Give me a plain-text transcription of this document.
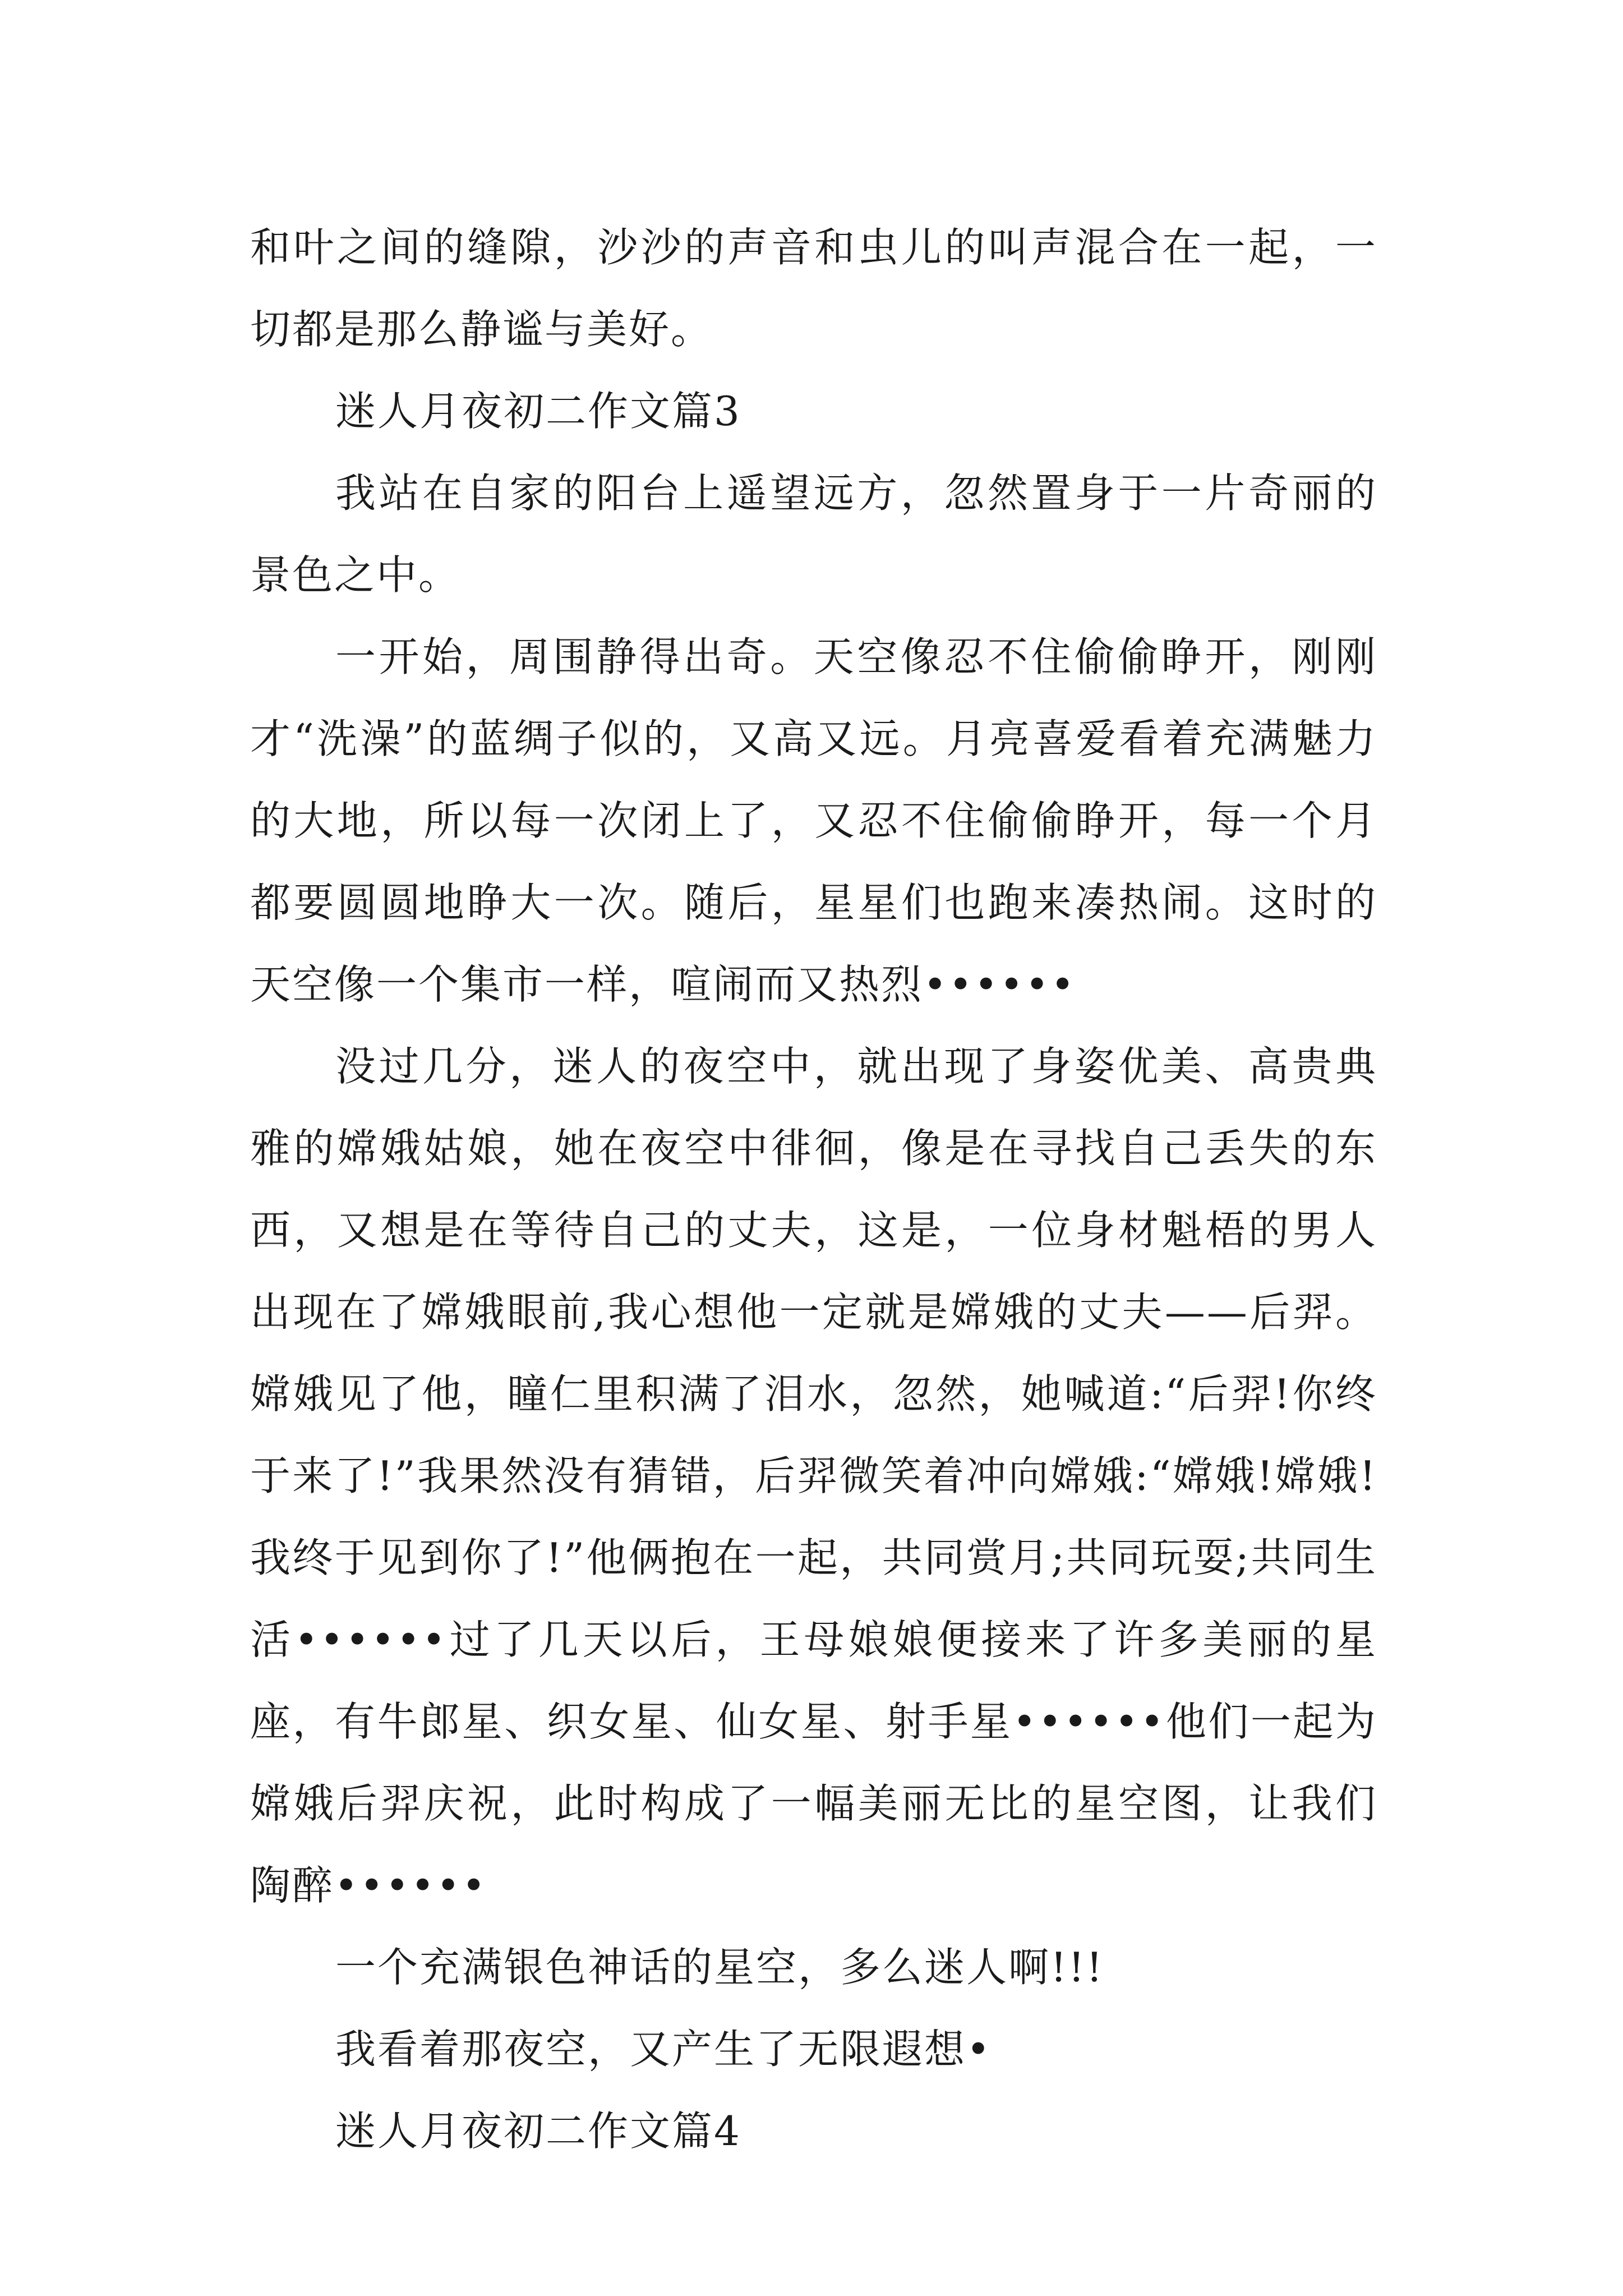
和叶之间的缝隙，沙沙的声音和虫儿的叫声混合在一起，一切都是那么静谧与美好。

迷人月夜初二作文篇3

我站在自家的阳台上遥望远方，忽然置身于一片奇丽的景色之中。

一开始，周围静得出奇。天空像忍不住偷偷睁开，刚刚才“洗澡”的蓝绸子似的，又高又远。月亮喜爱看着充满魅力的大地，所以每一次闭上了，又忍不住偷偷睁开，每一个月都要圆圆地睁大一次。随后，星星们也跑来凑热闹。这时的天空像一个集市一样，喧闹而又热烈••••••

没过几分，迷人的夜空中，就出现了身姿优美、高贵典雅的嫦娥姑娘，她在夜空中徘徊，像是在寻找自己丢失的东西，又想是在等待自己的丈夫，这是，一位身材魁梧的男人出现在了嫦娥眼前,我心想他一定就是嫦娥的丈夫——后羿。嫦娥见了他，瞳仁里积满了泪水，忽然，她喊道:“后羿!你终于来了!”我果然没有猜错，后羿微笑着冲向嫦娥:“嫦娥!嫦娥!我终于见到你了!”他俩抱在一起，共同赏月;共同玩耍;共同生活••••••过了几天以后，王母娘娘便接来了许多美丽的星座，有牛郎星、织女星、仙女星、射手星••••••他们一起为嫦娥后羿庆祝，此时构成了一幅美丽无比的星空图，让我们陶醉••••••

一个充满银色神话的星空，多么迷人啊!!!

我看着那夜空，又产生了无限遐想•

迷人月夜初二作文篇4
